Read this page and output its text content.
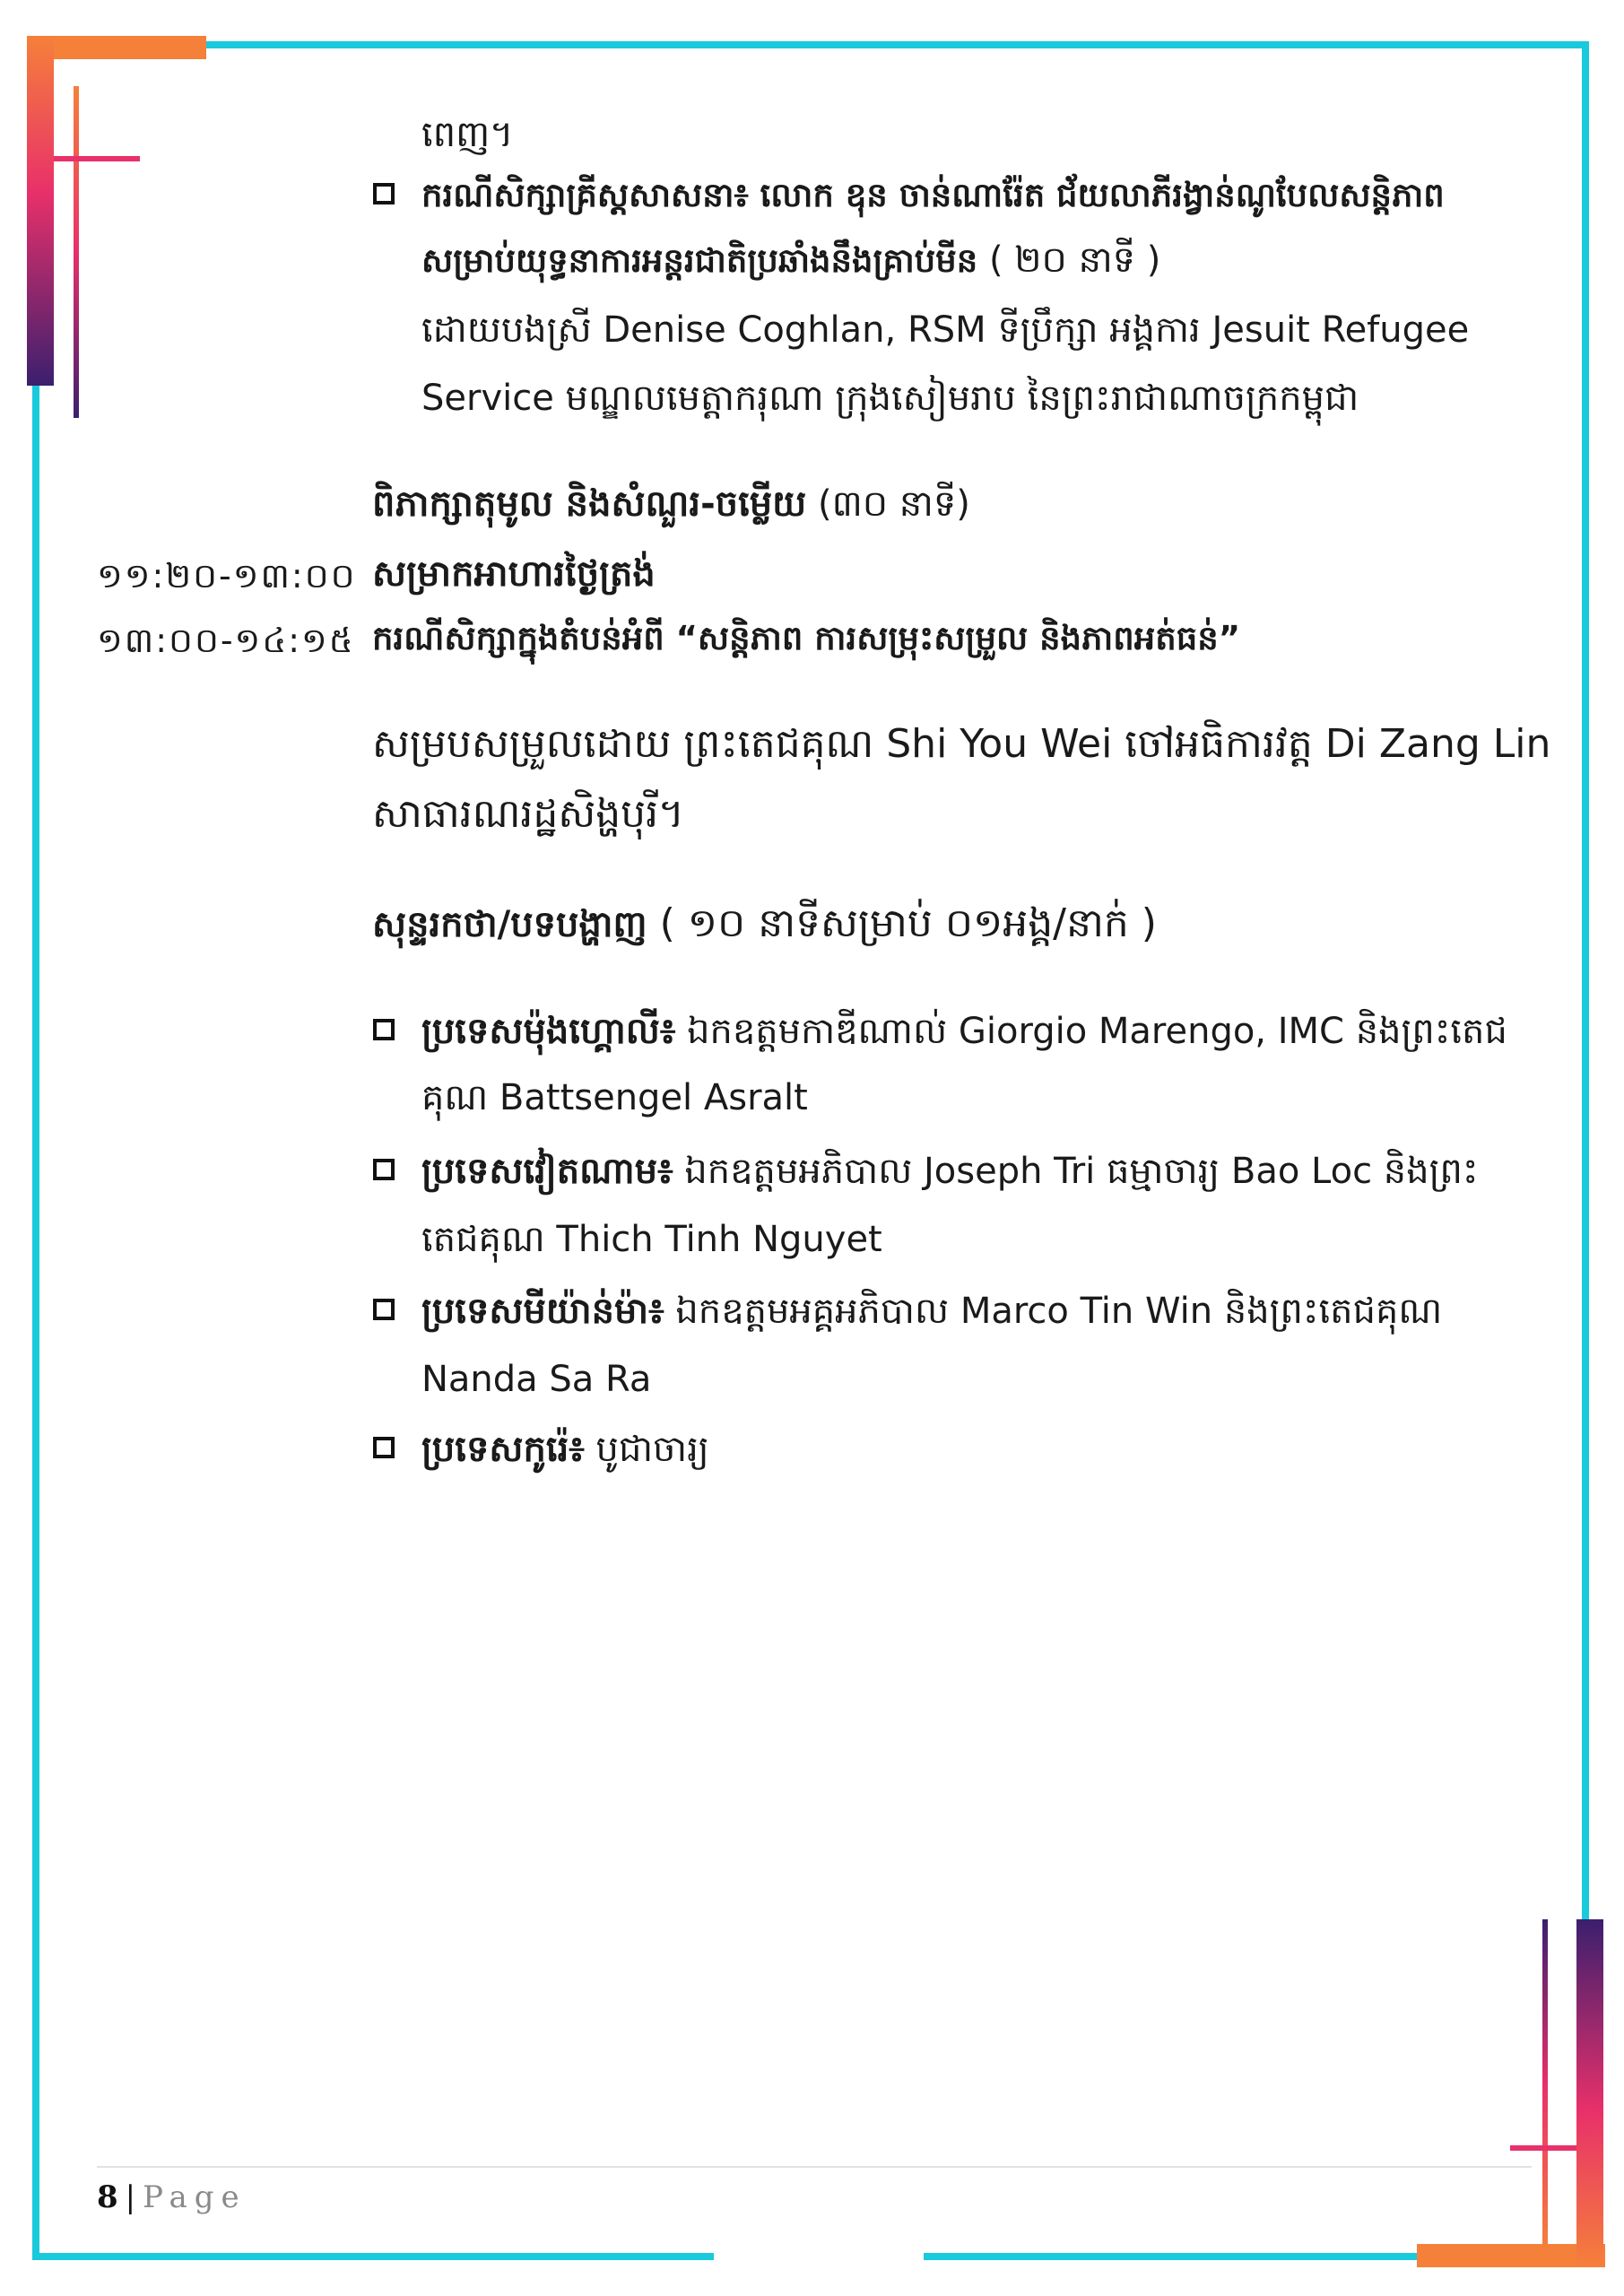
ពេញ។
ករណីសិក្សាគ្រីស្តសាសនា៖ លោក ឧុន ចាន់ណារ៉ែត ជ័យលាភីរង្វាន់ណូបែលសន្តិភាព
សម្រាប់យុទ្ធនាការអន្តរជាតិប្រឆាំងនឹងគ្រាប់មីន ( ២០ នាទី )
ដោយបងស្រី Denise Coghlan, RSM ទីប្រឹក្សា អង្គការ Jesuit Refugee
Service មណ្ឌលមេត្តាករុណា ក្រុងសៀមរាប នៃព្រះរាជាណាចក្រកម្ពុជា
ពិភាក្សាតុមូល និងសំណួរ-ចម្លើយ (៣០ នាទី)
១១:២០-១៣:០០ សម្រាកអាហារថ្ងៃត្រង់
១៣:០០-១៤:១៥ ករណីសិក្សាក្នុងតំបន់អំពី “សន្តិភាព ការសម្រុះសម្រួល និងភាពអត់ធន់”
សម្របសម្រួលដោយ ព្រះតេជគុណ Shi You Wei ចៅអធិការវត្ត Di Zang Lin
សាធារណរដ្ឋសិង្ហបុរី។
សុន្ទរកថា/បទបង្ហាញ ( ១០ នាទីសម្រាប់ ០១អង្គ/នាក់ )
ប្រទេសម៉ុងហ្គោលី៖ ឯកឧត្តមកាឌីណាល់ Giorgio Marengo, IMC និងព្រះតេជ
គុណ Battsengel Asralt
ប្រទេសវៀតណាម៖ ឯកឧត្តមអភិបាល Joseph Tri ធម្មាចារ្យ Bao Loc និងព្រះ
តេជគុណ Thich Tinh Nguyet
ប្រទេសមីយ៉ាន់ម៉ា៖ ឯកឧត្តមអគ្គអភិបាល Marco Tin Win និងព្រះតេជគុណ
Nanda Sa Ra
ប្រទេសកូរ៉េ៖ បូជាចារ្យ
8 | Page
